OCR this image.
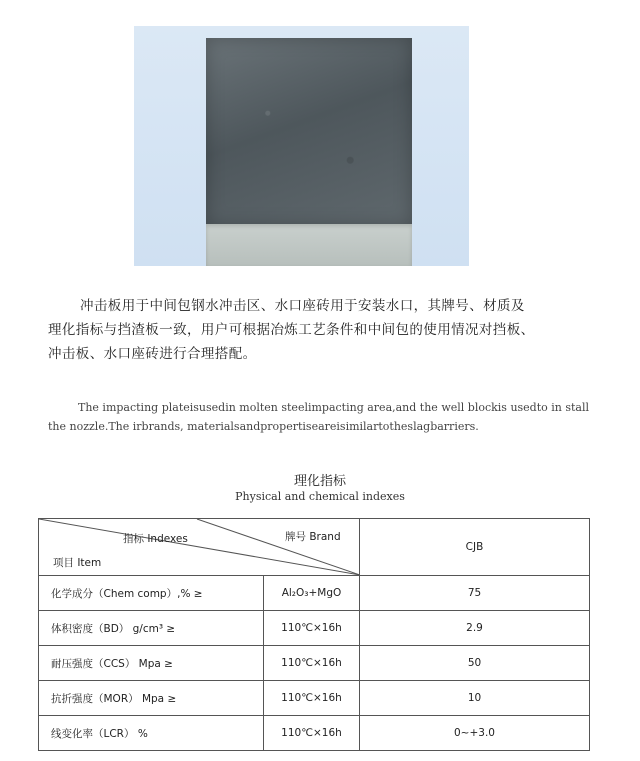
冲击板用于中间包钢水冲击区、水口座砖用于安装水口，其牌号、材质及
理化指标与挡渣板一致，用户可根据冶炼工艺条件和中间包的使用情况对挡板、
冲击板、水口座砖进行合理搭配。
The impacting plateisusedin molten steelimpacting area,and the well blockis usedto in stall
the nozzle.The irbrands, materialsandpropertiseareisimilartotheslagbarriers.
理化指标
Physical and chemical indexes
指标 Indexes 牌号 Brand
项目 Item		CJB
化学成分（Chem comp）,% ≥	Al₂O₃+MgO	75
体积密度（BD） g/cm³ ≥	110℃×16h	2.9
耐压强度（CCS） Mpa ≥	110℃×16h	50
抗折强度（MOR） Mpa ≥	110℃×16h	10
线变化率（LCR） %	110℃×16h	0~+3.0
